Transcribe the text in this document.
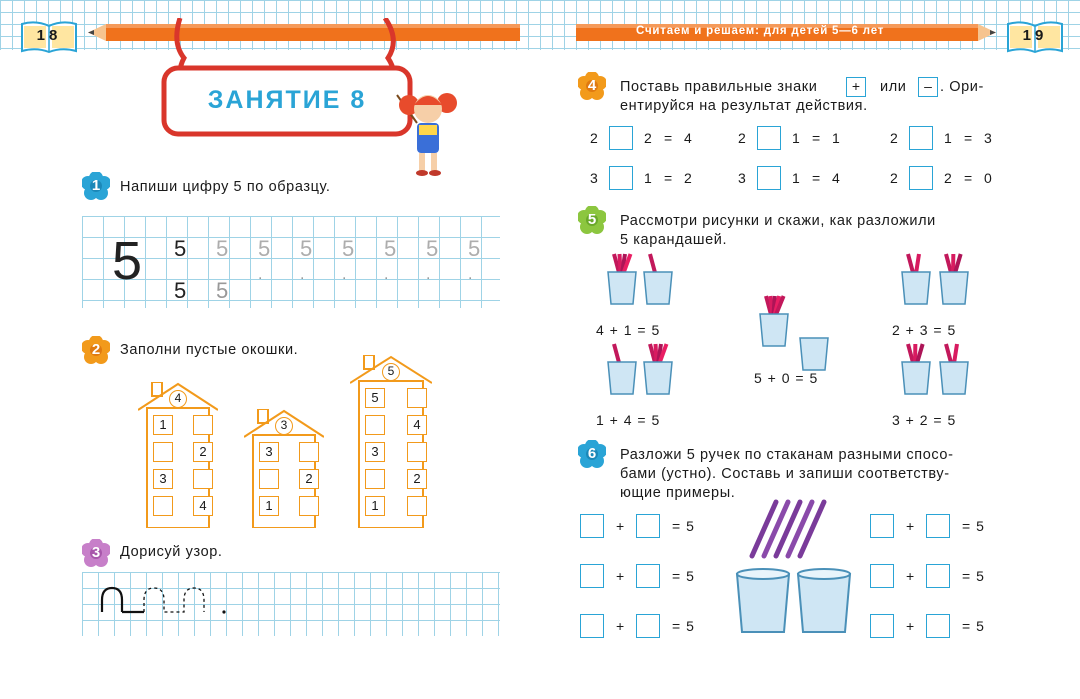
Считаем и решаем: для детей 5—6 лет
18	19
ЗАНЯТИЕ 8
1	Напиши цифру 5 по образцу.
5 5 5 5 5 5 5 5 5
5 5
. . . . . .
2	Заполни пустые окошки.
4
1
2
3
4
3
3
2
1
5
5
4
3
2
1
3	Дорисуй узор.
4	Поставь правильные знаки	+	или	– . Ори-
ентируйся на результат действия.
2	2 = 4	2	1 = 1	2	1 = 3
3	1 = 2	3	1 = 4	2	2 = 0
5	Рассмотри рисунки и скажи, как разложили
5 карандашей.
4 + 1 = 5
5 + 0 = 5
2 + 3 = 5
1 + 4 = 5	3 + 2 = 5
6	Разложи 5 ручек по стаканам разными спосо-
бами (устно). Составь и запиши соответству-
ющие примеры.
+	= 5
+	= 5
+	= 5
+	= 5
+	= 5
+	= 5
